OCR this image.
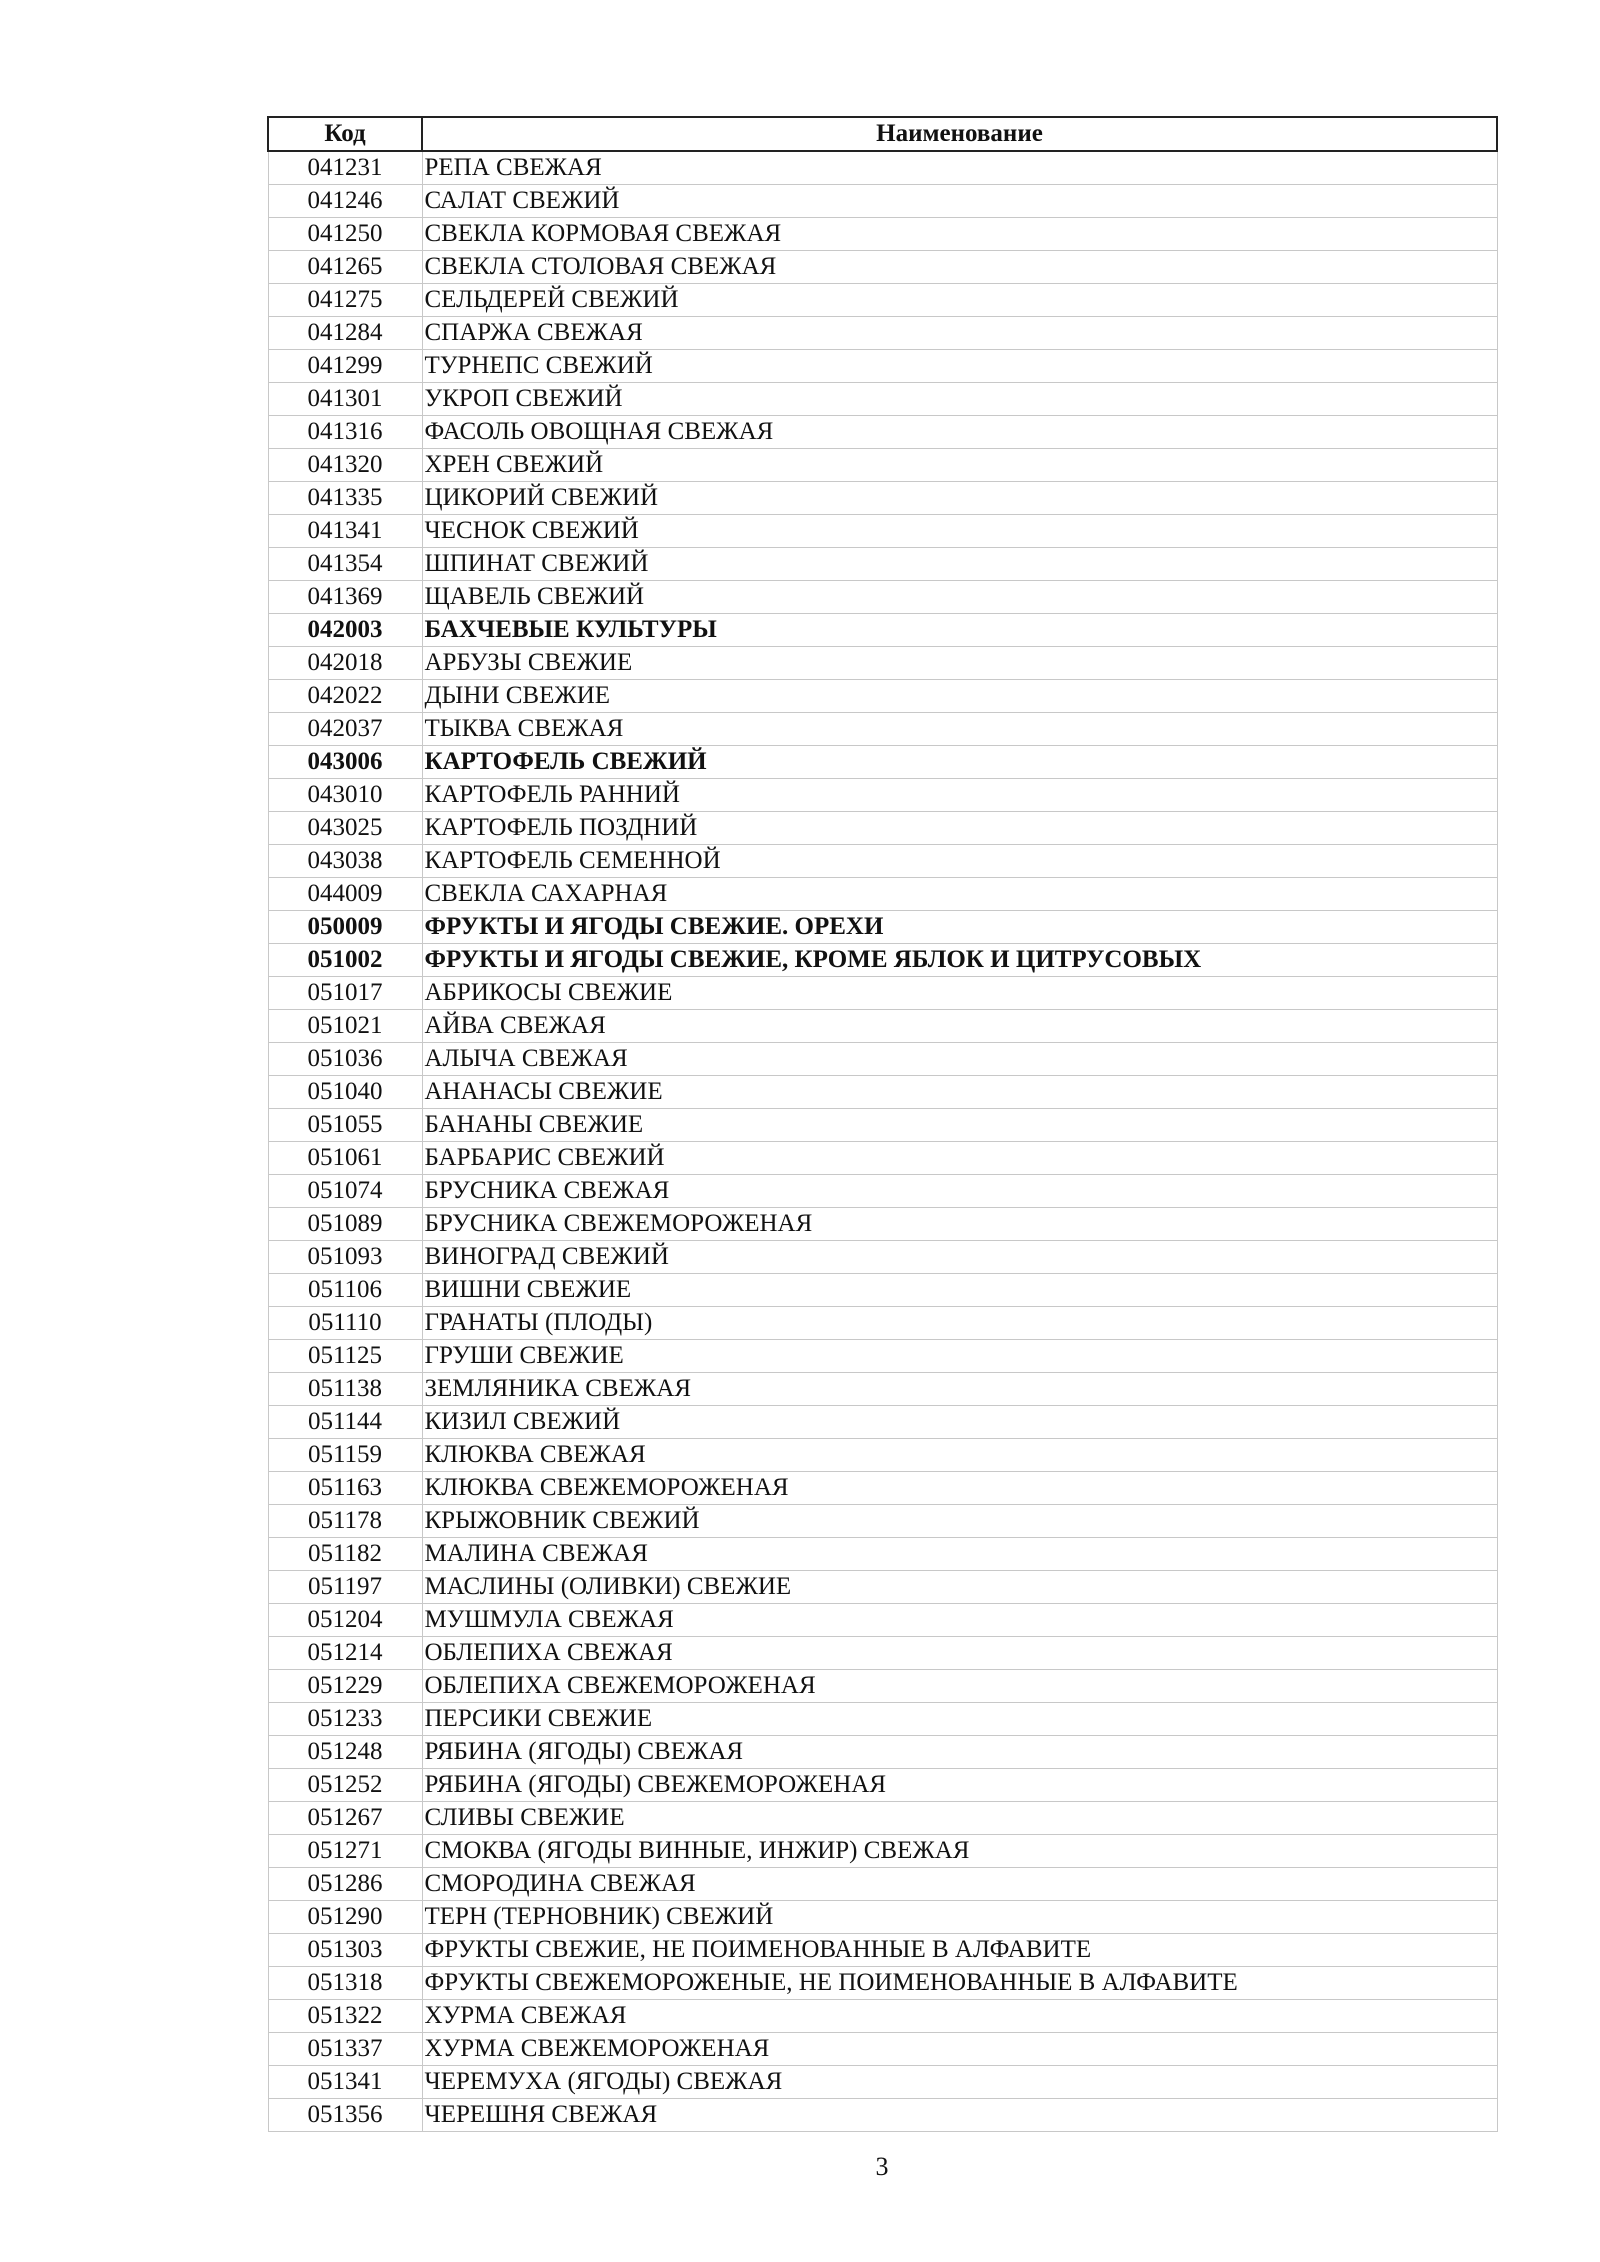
Код	Наименование
041231	РЕПА СВЕЖАЯ
041246	САЛАТ СВЕЖИЙ
041250	СВЕКЛА КОРМОВАЯ СВЕЖАЯ
041265	СВЕКЛА СТОЛОВАЯ СВЕЖАЯ
041275	СЕЛЬДЕРЕЙ СВЕЖИЙ
041284	СПАРЖА СВЕЖАЯ
041299	ТУРНЕПС СВЕЖИЙ
041301	УКРОП СВЕЖИЙ
041316	ФАСОЛЬ ОВОЩНАЯ СВЕЖАЯ
041320	ХРЕН СВЕЖИЙ
041335	ЦИКОРИЙ СВЕЖИЙ
041341	ЧЕСНОК СВЕЖИЙ
041354	ШПИНАТ СВЕЖИЙ
041369	ЩАВЕЛЬ СВЕЖИЙ
042003	БАХЧЕВЫЕ КУЛЬТУРЫ
042018	АРБУЗЫ СВЕЖИЕ
042022	ДЫНИ СВЕЖИЕ
042037	ТЫКВА СВЕЖАЯ
043006	КАРТОФЕЛЬ СВЕЖИЙ
043010	КАРТОФЕЛЬ РАННИЙ
043025	КАРТОФЕЛЬ ПОЗДНИЙ
043038	КАРТОФЕЛЬ СЕМЕННОЙ
044009	СВЕКЛА САХАРНАЯ
050009	ФРУКТЫ И ЯГОДЫ СВЕЖИЕ. ОРЕХИ
051002	ФРУКТЫ И ЯГОДЫ СВЕЖИЕ, КРОМЕ ЯБЛОК И ЦИТРУСОВЫХ
051017	АБРИКОСЫ СВЕЖИЕ
051021	АЙВА СВЕЖАЯ
051036	АЛЫЧА СВЕЖАЯ
051040	АНАНАСЫ СВЕЖИЕ
051055	БАНАНЫ СВЕЖИЕ
051061	БАРБАРИС СВЕЖИЙ
051074	БРУСНИКА СВЕЖАЯ
051089	БРУСНИКА СВЕЖЕМОРОЖЕНАЯ
051093	ВИНОГРАД СВЕЖИЙ
051106	ВИШНИ СВЕЖИЕ
051110	ГРАНАТЫ (ПЛОДЫ)
051125	ГРУШИ СВЕЖИЕ
051138	ЗЕМЛЯНИКА СВЕЖАЯ
051144	КИЗИЛ СВЕЖИЙ
051159	КЛЮКВА СВЕЖАЯ
051163	КЛЮКВА СВЕЖЕМОРОЖЕНАЯ
051178	КРЫЖОВНИК СВЕЖИЙ
051182	МАЛИНА СВЕЖАЯ
051197	МАСЛИНЫ (ОЛИВКИ) СВЕЖИЕ
051204	МУШМУЛА СВЕЖАЯ
051214	ОБЛЕПИХА СВЕЖАЯ
051229	ОБЛЕПИХА СВЕЖЕМОРОЖЕНАЯ
051233	ПЕРСИКИ СВЕЖИЕ
051248	РЯБИНА (ЯГОДЫ) СВЕЖАЯ
051252	РЯБИНА (ЯГОДЫ) СВЕЖЕМОРОЖЕНАЯ
051267	СЛИВЫ СВЕЖИЕ
051271	СМОКВА (ЯГОДЫ ВИННЫЕ, ИНЖИР) СВЕЖАЯ
051286	СМОРОДИНА СВЕЖАЯ
051290	ТЕРН (ТЕРНОВНИК) СВЕЖИЙ
051303	ФРУКТЫ СВЕЖИЕ, НЕ ПОИМЕНОВАННЫЕ В АЛФАВИТЕ
051318	ФРУКТЫ СВЕЖЕМОРОЖЕНЫЕ, НЕ ПОИМЕНОВАННЫЕ В АЛФАВИТЕ
051322	ХУРМА СВЕЖАЯ
051337	ХУРМА СВЕЖЕМОРОЖЕНАЯ
051341	ЧЕРЕМУХА (ЯГОДЫ) СВЕЖАЯ
051356	ЧЕРЕШНЯ СВЕЖАЯ
3
